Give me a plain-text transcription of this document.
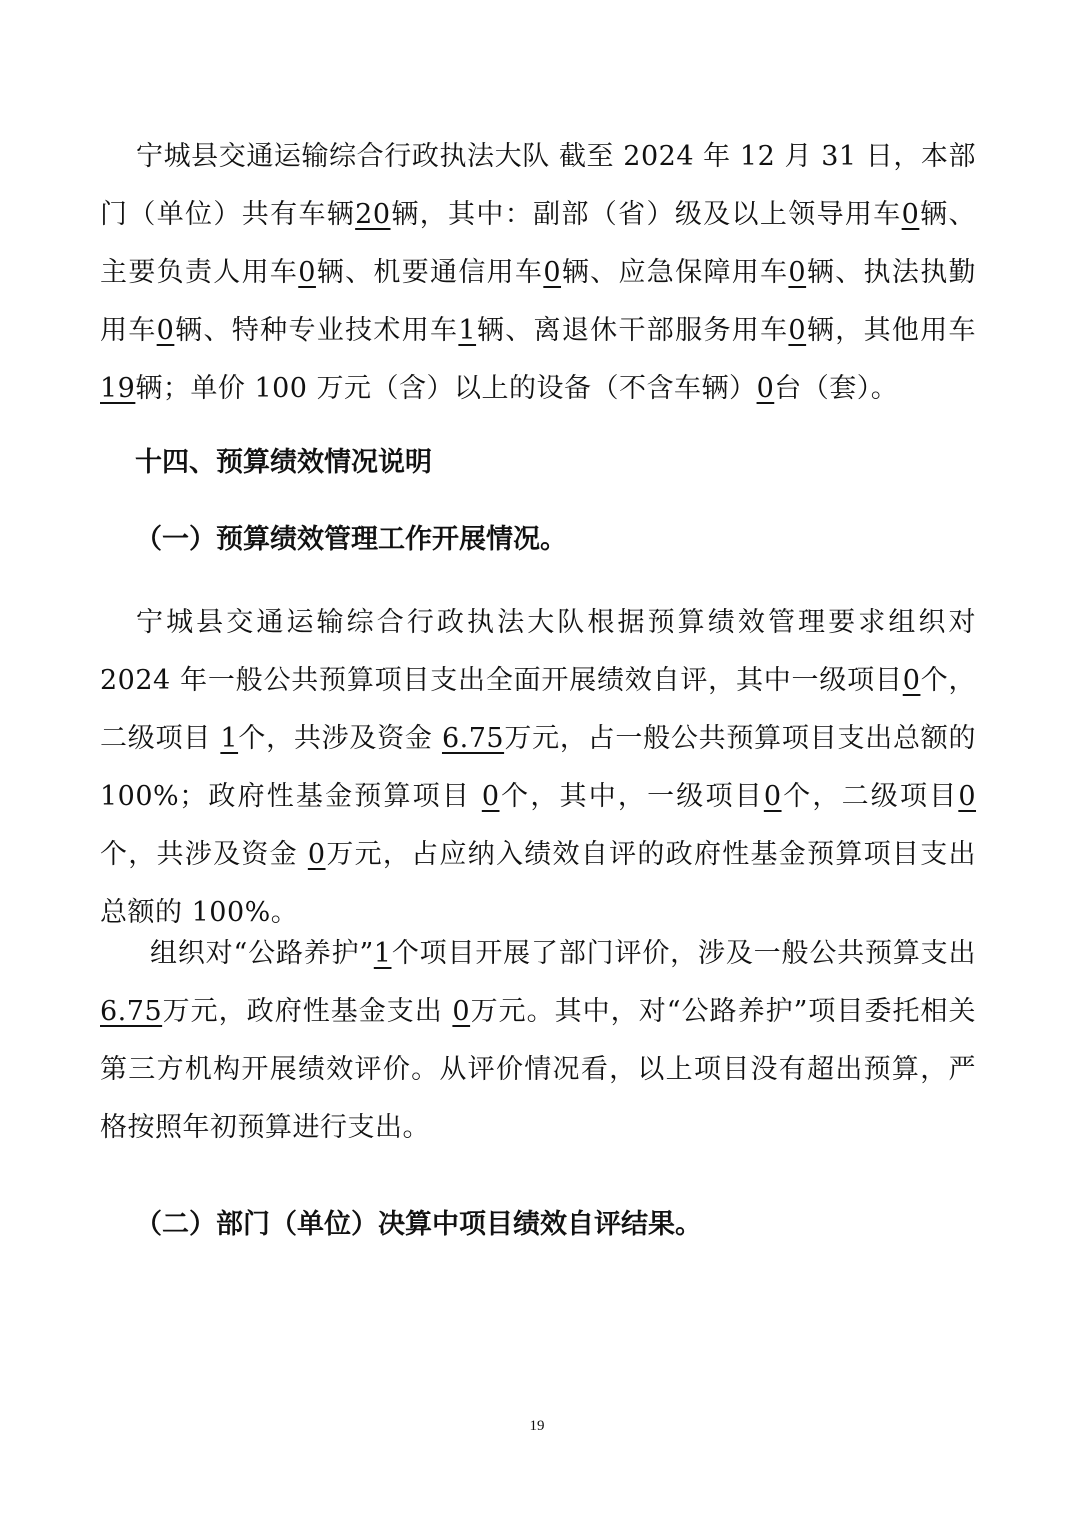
宁城县交通运输综合行政执法大队 截至 2024 年 12 月 31 日，本部门（单位）共有车辆20辆，其中：副部（省）级及以上领导用车0辆、主要负责人用车0辆、机要通信用车0辆、应急保障用车0辆、执法执勤用车0辆、特种专业技术用车1辆、离退休干部服务用车0辆，其他用车19辆；单价 100 万元（含）以上的设备（不含车辆）0台（套）。

十四、预算绩效情况说明
（一）预算绩效管理工作开展情况。

宁城县交通运输综合行政执法大队根据预算绩效管理要求组织对 2024 年一般公共预算项目支出全面开展绩效自评，其中一级项目0个，二级项目 1个，共涉及资金 6.75万元，占一般公共预算项目支出总额的 100%；政府性基金预算项目 0个，其中，一级项目0个，二级项目0个，共涉及资金 0万元，占应纳入绩效自评的政府性基金预算项目支出总额的 100%。

组织对“公路养护”1个项目开展了部门评价，涉及一般公共预算支出 6.75万元，政府性基金支出 0万元。其中，对“公路养护”项目委托相关第三方机构开展绩效评价。从评价情况看，以上项目没有超出预算，严格按照年初预算进行支出。

（二）部门（单位）决算中项目绩效自评结果。
19
